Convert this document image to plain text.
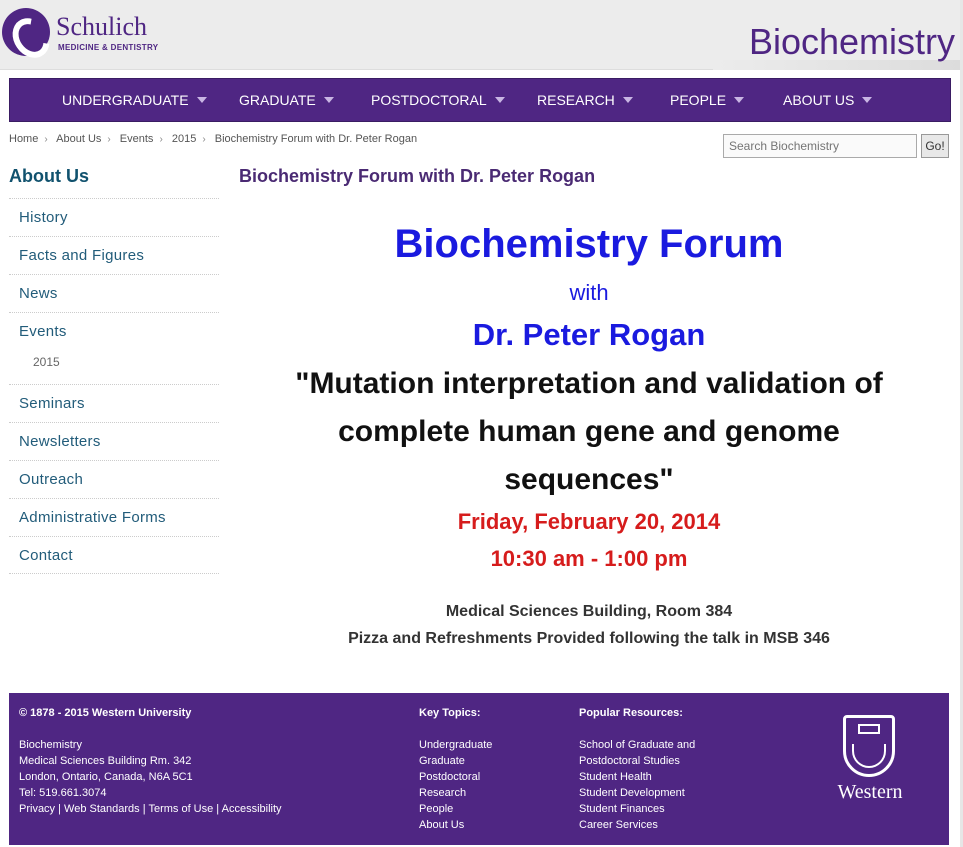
Schulich
MEDICINE & DENTISTRY	Biochemistry
UNDERGRADUATE	GRADUATE	POSTDOCTORAL	RESEARCH	PEOPLE	ABOUT US
Home › About Us › Events › 2015 › Biochemistry Forum with Dr. Peter Rogan
Search Biochemistry	Go!
About Us
History
Facts and Figures
News
Events
2015
Seminars
Newsletters
Outreach
Administrative Forms
Contact
Biochemistry Forum with Dr. Peter Rogan
Biochemistry Forum
with
Dr. Peter Rogan
"Mutation interpretation and validation of complete human gene and genome sequences"
Friday, February 20, 2014
10:30 am - 1:00 pm
Medical Sciences Building, Room 384
Pizza and Refreshments Provided following the talk in MSB 346
© 1878 - 2015 Western University
Biochemistry
Medical Sciences Building Rm. 342
London, Ontario, Canada, N6A 5C1
Tel: 519.661.3074
Privacy | Web Standards | Terms of Use | Accessibility
Key Topics:
Undergraduate
Graduate
Postdoctoral
Research
People
About Us
Popular Resources:
School of Graduate and
Postdoctoral Studies
Student Health
Student Development
Student Finances
Career Services
Western
